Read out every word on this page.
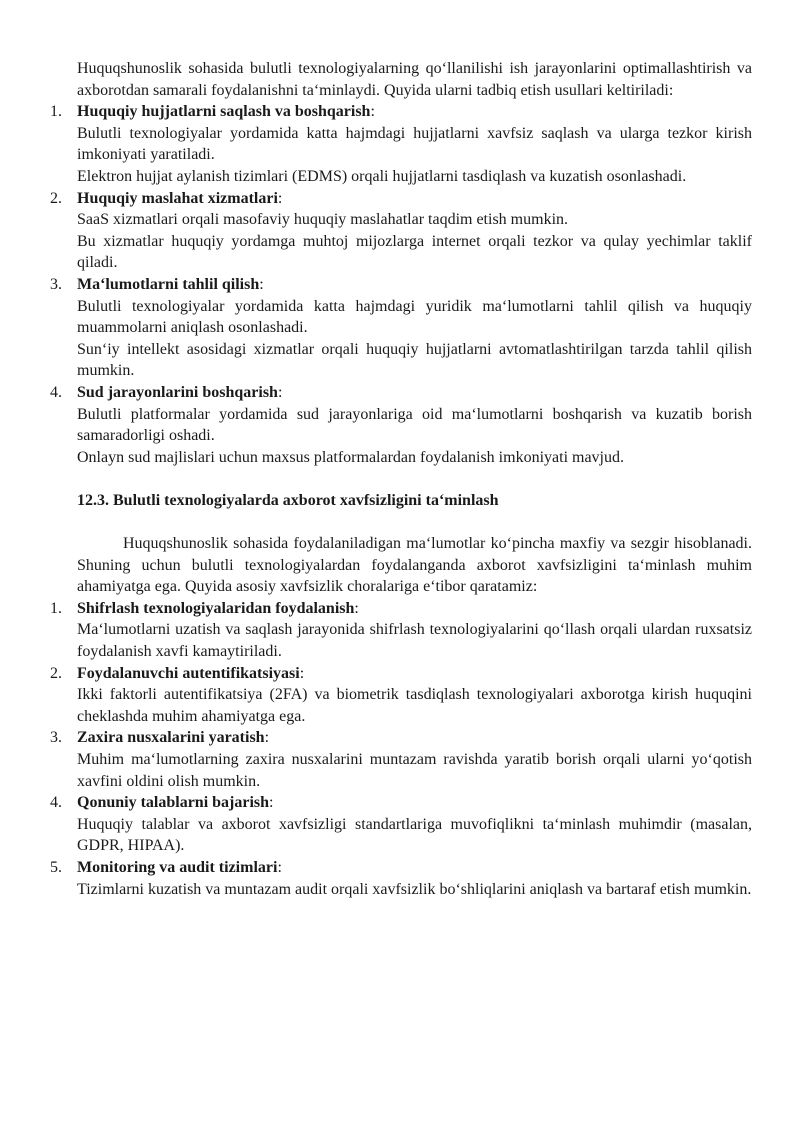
Huquqshunoslik sohasida bulutli texnologiyalarning qo‘llanilishi ish jarayonlarini optimallashtirish va axborotdan samarali foydalanishni ta‘minlaydi. Quyida ularni tadbiq etish usullari keltiriladi:

1. Huquqiy hujjatlarni saqlash va boshqarish:

Bulutli texnologiyalar yordamida katta hajmdagi hujjatlarni xavfsiz saqlash va ularga tezkor kirish imkoniyati yaratiladi.

Elektron hujjat aylanish tizimlari (EDMS) orqali hujjatlarni tasdiqlash va kuzatish osonlashadi.

2. Huquqiy maslahat xizmatlari:

SaaS xizmatlari orqali masofaviy huquqiy maslahatlar taqdim etish mumkin.

Bu xizmatlar huquqiy yordamga muhtoj mijozlarga internet orqali tezkor va qulay yechimlar taklif qiladi.

3. Ma‘lumotlarni tahlil qilish:

Bulutli texnologiyalar yordamida katta hajmdagi yuridik ma‘lumotlarni tahlil qilish va huquqiy muammolarni aniqlash osonlashadi.

Sun‘iy intellekt asosidagi xizmatlar orqali huquqiy hujjatlarni avtomatlashtirilgan tarzda tahlil qilish mumkin.

4. Sud jarayonlarini boshqarish:

Bulutli platformalar yordamida sud jarayonlariga oid ma‘lumotlarni boshqarish va kuzatib borish samaradorligi oshadi.

Onlayn sud majlislari uchun maxsus platformalardan foydalanish imkoniyati mavjud.

12.3. Bulutli texnologiyalarda axborot xavfsizligini ta‘minlash

Huquqshunoslik sohasida foydalaniladigan ma‘lumotlar ko‘pincha maxfiy va sezgir hisoblanadi. Shuning uchun bulutli texnologiyalardan foydalanganda axborot xavfsizligini ta‘minlash muhim ahamiyatga ega. Quyida asosiy xavfsizlik choralariga e‘tibor qaratamiz:

1. Shifrlash texnologiyalaridan foydalanish:

Ma‘lumotlarni uzatish va saqlash jarayonida shifrlash texnologiyalarini qo‘llash orqali ulardan ruxsatsiz foydalanish xavfi kamaytiriladi.

2. Foydalanuvchi autentifikatsiyasi:

Ikki faktorli autentifikatsiya (2FA) va biometrik tasdiqlash texnologiyalari axborotga kirish huquqini cheklashda muhim ahamiyatga ega.

3. Zaxira nusxalarini yaratish:

Muhim ma‘lumotlarning zaxira nusxalarini muntazam ravishda yaratib borish orqali ularni yo‘qotish xavfini oldini olish mumkin.

4. Qonuniy talablarni bajarish:

Huquqiy talablar va axborot xavfsizligi standartlariga muvofiqlikni ta‘minlash muhimdir (masalan, GDPR, HIPAA).

5. Monitoring va audit tizimlari:

Tizimlarni kuzatish va muntazam audit orqali xavfsizlik bo‘shliqlarini aniqlash va bartaraf etish mumkin.
